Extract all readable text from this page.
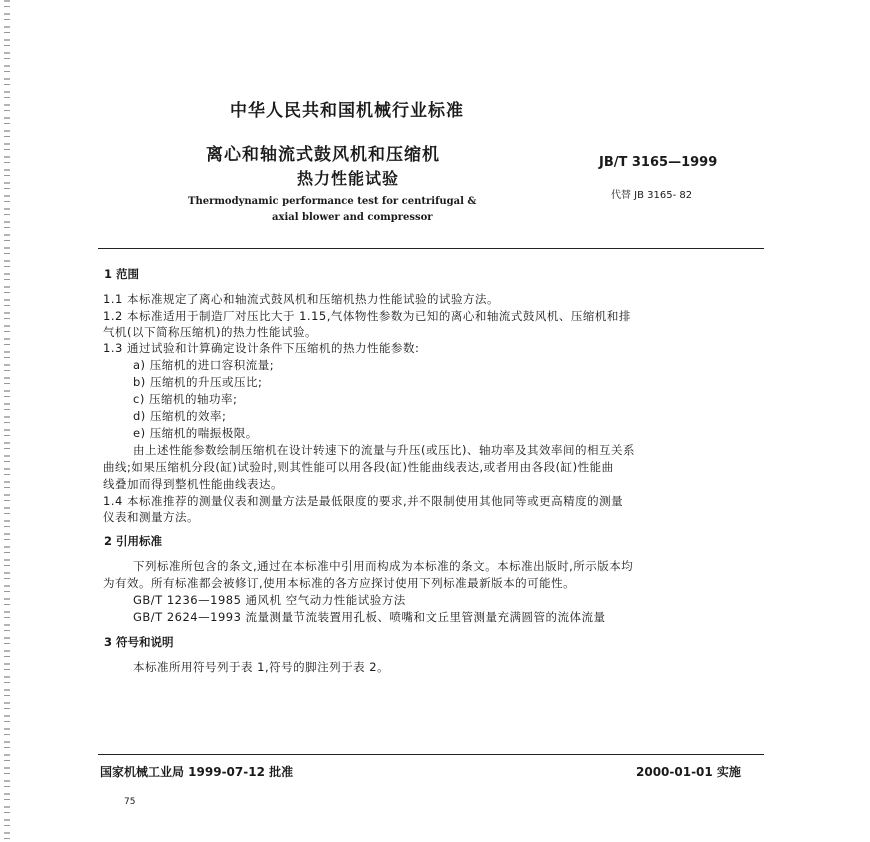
中华人民共和国机械行业标准
离心和轴流式鼓风机和压缩机
热力性能试验
Thermodynamic performance test for centrifugal &
axial blower and compressor
JB/T 3165—1999
代替 JB 3165- 82
1 范围
1.1 本标准规定了离心和轴流式鼓风机和压缩机热力性能试验的试验方法。
1.2 本标准适用于制造厂对压比大于 1.15,气体物性参数为已知的离心和轴流式鼓风机、压缩机和排
气机(以下简称压缩机)的热力性能试验。
1.3 通过试验和计算确定设计条件下压缩机的热力性能参数:
a) 压缩机的进口容积流量;
b) 压缩机的升压或压比;
c) 压缩机的轴功率;
d) 压缩机的效率;
e) 压缩机的喘振极限。
由上述性能参数绘制压缩机在设计转速下的流量与升压(或压比)、轴功率及其效率间的相互关系
曲线;如果压缩机分段(缸)试验时,则其性能可以用各段(缸)性能曲线表达,或者用由各段(缸)性能曲
线叠加而得到整机性能曲线表达。
1.4 本标准推荐的测量仪表和测量方法是最低限度的要求,并不限制使用其他同等或更高精度的测量
仪表和测量方法。
2 引用标准
下列标准所包含的条文,通过在本标准中引用而构成为本标准的条文。本标准出版时,所示版本均
为有效。所有标准都会被修订,使用本标准的各方应探讨使用下列标准最新版本的可能性。
GB/T 1236—1985 通风机 空气动力性能试验方法
GB/T 2624—1993 流量测量节流装置用孔板、喷嘴和文丘里管测量充满圆管的流体流量
3 符号和说明
本标准所用符号列于表 1,符号的脚注列于表 2。
国家机械工业局 1999-07-12 批准	2000-01-01 实施
75
